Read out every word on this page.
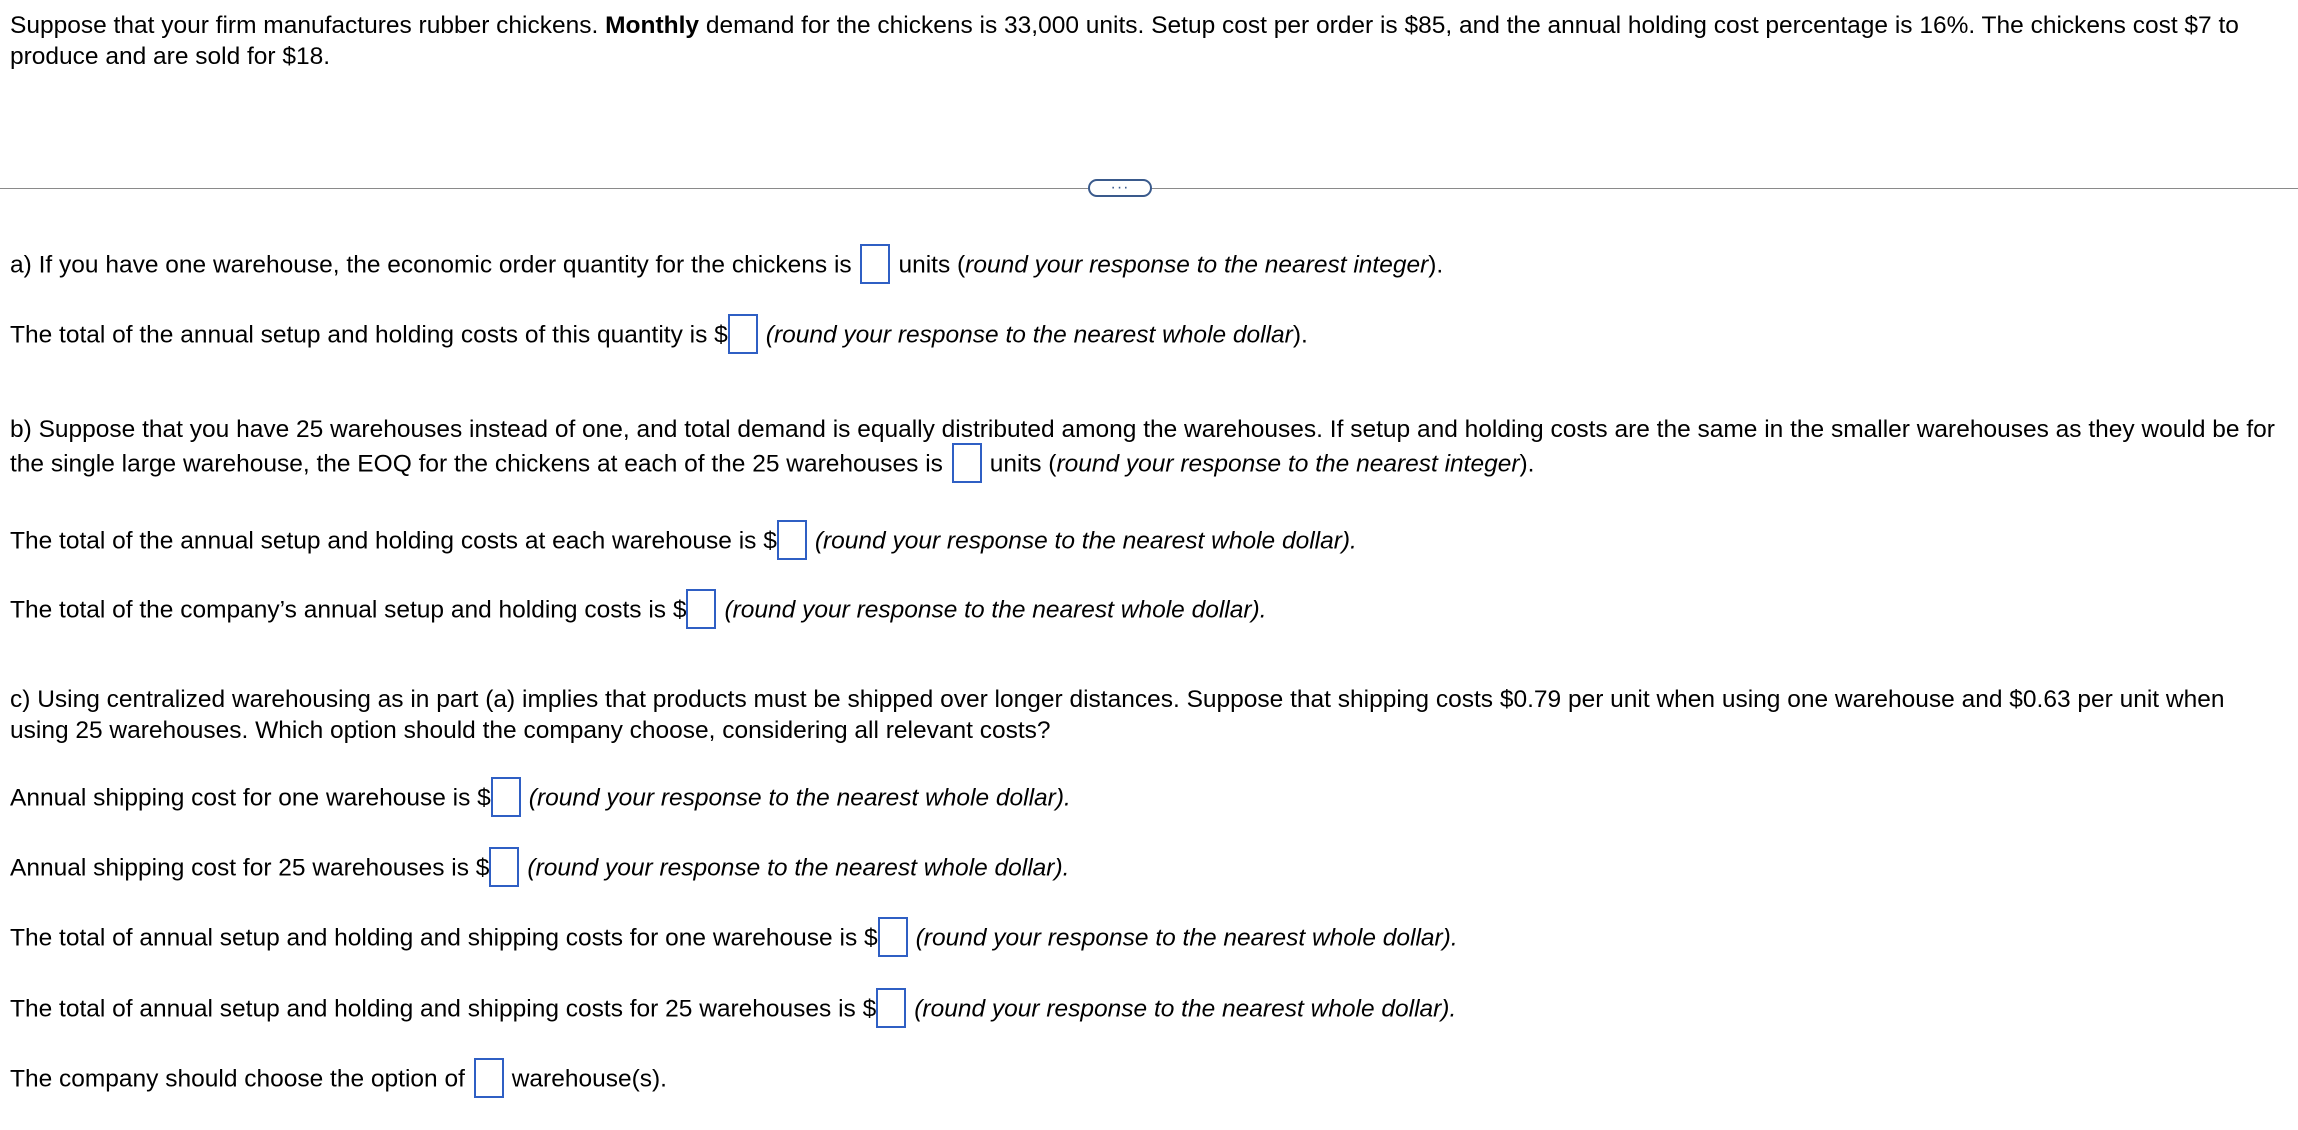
Suppose that your firm manufactures rubber chickens. Monthly demand for the chickens is 33,000 units. Setup cost per order is $85, and the annual holding cost percentage is 16%. The chickens cost $7 to produce and are sold for $18.
···
a) If you have one warehouse, the economic order quantity for the chickens is units (round your response to the nearest integer).
The total of the annual setup and holding costs of this quantity is $ (round your response to the nearest whole dollar).
b) Suppose that you have 25 warehouses instead of one, and total demand is equally distributed among the warehouses. If setup and holding costs are the same in the smaller warehouses as they would be for the single large warehouse, the EOQ for the chickens at each of the 25 warehouses is units (round your response to the nearest integer).
The total of the annual setup and holding costs at each warehouse is $ (round your response to the nearest whole dollar).
The total of the company’s annual setup and holding costs is $ (round your response to the nearest whole dollar).
c) Using centralized warehousing as in part (a) implies that products must be shipped over longer distances. Suppose that shipping costs $0.79 per unit when using one warehouse and $0.63 per unit when using 25 warehouses. Which option should the company choose, considering all relevant costs?
Annual shipping cost for one warehouse is $ (round your response to the nearest whole dollar).
Annual shipping cost for 25 warehouses is $ (round your response to the nearest whole dollar).
The total of annual setup and holding and shipping costs for one warehouse is $ (round your response to the nearest whole dollar).
The total of annual setup and holding and shipping costs for 25 warehouses is $ (round your response to the nearest whole dollar).
The company should choose the option of warehouse(s).
